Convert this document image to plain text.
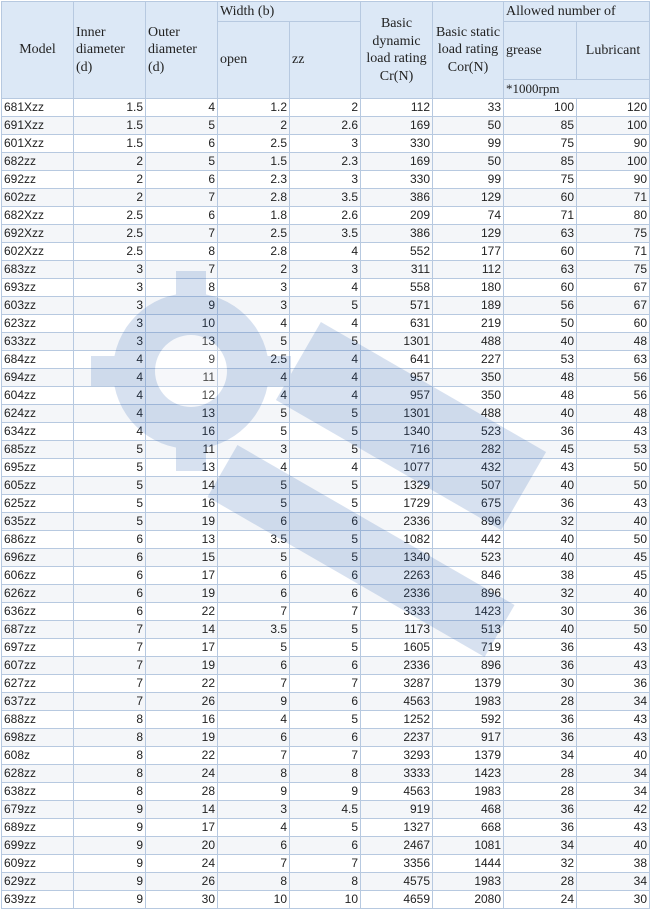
Model	Inner diameter (d)	Outer diameter (d)	Width (b)		Basic dynamic load rating Cr(N)	Basic static load rating Cor(N)	Allowed number of	
			open	zz			grease	Lubricant
							*1000rpm	
681Xzz	1.5	4	1.2	2	112	33	100	120
691Xzz	1.5	5	2	2.6	169	50	85	100
601Xzz	1.5	6	2.5	3	330	99	75	90
682zz	2	5	1.5	2.3	169	50	85	100
692zz	2	6	2.3	3	330	99	75	90
602zz	2	7	2.8	3.5	386	129	60	71
682Xzz	2.5	6	1.8	2.6	209	74	71	80
692Xzz	2.5	7	2.5	3.5	386	129	63	75
602Xzz	2.5	8	2.8	4	552	177	60	71
683zz	3	7	2	3	311	112	63	75
693zz	3	8	3	4	558	180	60	67
603zz	3	9	3	5	571	189	56	67
623zz	3	10	4	4	631	219	50	60
633zz	3	13	5	5	1301	488	40	48
684zz	4	9	2.5	4	641	227	53	63
694zz	4	11	4	4	957	350	48	56
604zz	4	12	4	4	957	350	48	56
624zz	4	13	5	5	1301	488	40	48
634zz	4	16	5	5	1340	523	36	43
685zz	5	11	3	5	716	282	45	53
695zz	5	13	4	4	1077	432	43	50
605zz	5	14	5	5	1329	507	40	50
625zz	5	16	5	5	1729	675	36	43
635zz	5	19	6	6	2336	896	32	40
686zz	6	13	3.5	5	1082	442	40	50
696zz	6	15	5	5	1340	523	40	45
606zz	6	17	6	6	2263	846	38	45
626zz	6	19	6	6	2336	896	32	40
636zz	6	22	7	7	3333	1423	30	36
687zz	7	14	3.5	5	1173	513	40	50
697zz	7	17	5	5	1605	719	36	43
607zz	7	19	6	6	2336	896	36	43
627zz	7	22	7	7	3287	1379	30	36
637zz	7	26	9	6	4563	1983	28	34
688zz	8	16	4	5	1252	592	36	43
698zz	8	19	6	6	2237	917	36	43
608z	8	22	7	7	3293	1379	34	40
628zz	8	24	8	8	3333	1423	28	34
638zz	8	28	9	9	4563	1983	28	34
679zz	9	14	3	4.5	919	468	36	42
689zz	9	17	4	5	1327	668	36	43
699zz	9	20	6	6	2467	1081	34	40
609zz	9	24	7	7	3356	1444	32	38
629zz	9	26	8	8	4575	1983	28	34
639zz	9	30	10	10	4659	2080	24	30
